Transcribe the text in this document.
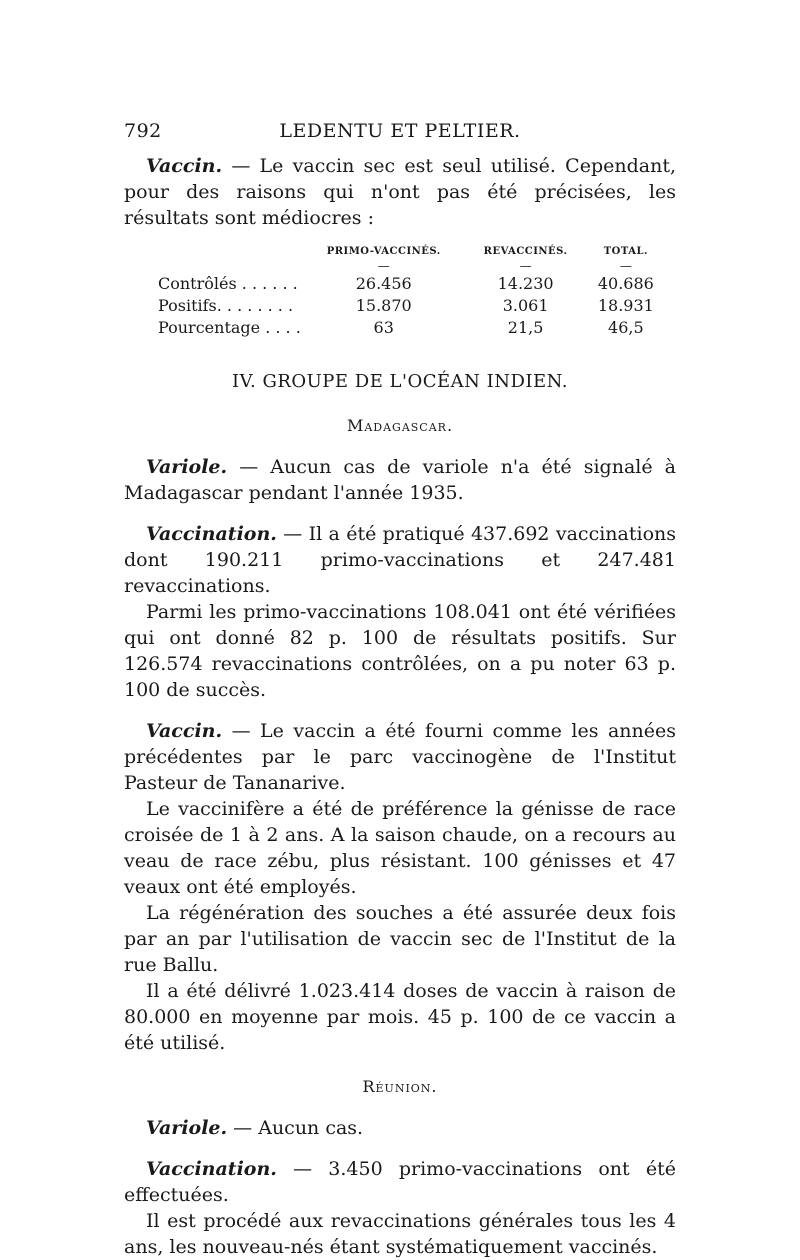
792	LEDENTU ET PELTIER.

Vaccin. — Le vaccin sec est seul utilisé. Cependant, pour des raisons qui n'ont pas été précisées, les résultats sont médiocres :

	PRIMO-VACCINÉS.	REVACCINÉS.	TOTAL.
	—	—	—
Contrôlés . . . . . .	26.456	14.230	40.686
Positifs. . . . . . . .	15.870	3.061	18.931
Pourcentage . . . .	63	21,5	46,5
IV. GROUPE DE L'OCÉAN INDIEN.
Madagascar.

Variole. — Aucun cas de variole n'a été signalé à Madagascar pendant l'année 1935.

Vaccination. — Il a été pratiqué 437.692 vaccinations dont 190.211 primo-vaccinations et 247.481 revaccinations.

Parmi les primo-vaccinations 108.041 ont été vérifiées qui ont donné 82 p. 100 de résultats positifs. Sur 126.574 revaccinations contrôlées, on a pu noter 63 p. 100 de succès.

Vaccin. — Le vaccin a été fourni comme les années précédentes par le parc vaccinogène de l'Institut Pasteur de Tananarive.

Le vaccinifère a été de préférence la génisse de race croisée de 1 à 2 ans. A la saison chaude, on a recours au veau de race zébu, plus résistant. 100 génisses et 47 veaux ont été employés.

La régénération des souches a été assurée deux fois par an par l'utilisation de vaccin sec de l'Institut de la rue Ballu.

Il a été délivré 1.023.414 doses de vaccin à raison de 80.000 en moyenne par mois. 45 p. 100 de ce vaccin a été utilisé.

Réunion.

Variole. — Aucun cas.

Vaccination. — 3.450 primo-vaccinations ont été effectuées.

Il est procédé aux revaccinations générales tous les 4 ans, les nouveau-nés étant systématiquement vaccinés.
